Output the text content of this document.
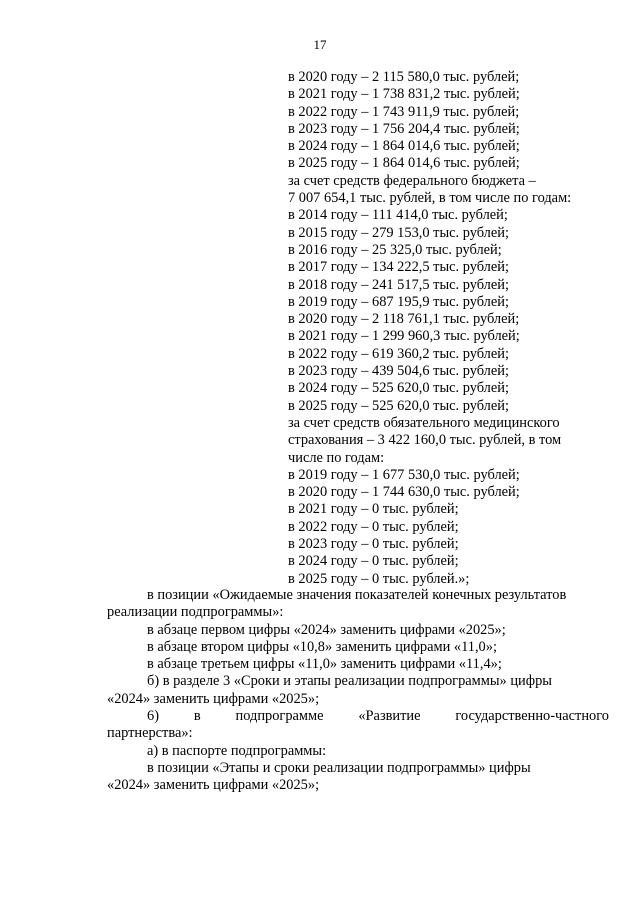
17
в 2020 году – 2 115 580,0 тыс. рублей;
в 2021 году – 1 738 831,2 тыс. рублей;
в 2022 году – 1 743 911,9 тыс. рублей;
в 2023 году – 1 756 204,4 тыс. рублей;
в 2024 году – 1 864 014,6 тыс. рублей;
в 2025 году – 1 864 014,6 тыс. рублей;
за счет средств федерального бюджета –
7 007 654,1 тыс. рублей, в том числе по годам:
в 2014 году – 111 414,0 тыс. рублей;
в 2015 году – 279 153,0 тыс. рублей;
в 2016 году – 25 325,0 тыс. рублей;
в 2017 году – 134 222,5 тыс. рублей;
в 2018 году – 241 517,5 тыс. рублей;
в 2019 году – 687 195,9 тыс. рублей;
в 2020 году – 2 118 761,1 тыс. рублей;
в 2021 году – 1 299 960,3 тыс. рублей;
в 2022 году – 619 360,2 тыс. рублей;
в 2023 году – 439 504,6 тыс. рублей;
в 2024 году – 525 620,0 тыс. рублей;
в 2025 году – 525 620,0 тыс. рублей;
за счет средств обязательного медицинского
страхования – 3 422 160,0 тыс. рублей, в том
числе по годам:
в 2019 году – 1 677 530,0 тыс. рублей;
в 2020 году – 1 744 630,0 тыс. рублей;
в 2021 году – 0 тыс. рублей;
в 2022 году – 0 тыс. рублей;
в 2023 году – 0 тыс. рублей;
в 2024 году – 0 тыс. рублей;
в 2025 году – 0 тыс. рублей.»;
в позиции «Ожидаемые значения показателей конечных результатов
реализации подпрограммы»:
в абзаце первом цифры «2024» заменить цифрами «2025»;
в абзаце втором цифры «10,8» заменить цифрами «11,0»;
в абзаце третьем цифры «11,0» заменить цифрами «11,4»;
б) в разделе 3 «Сроки и этапы реализации подпрограммы» цифры
«2024» заменить цифрами «2025»;
6) в подпрограмме «Развитие государственно-частного
партнерства»:
а) в паспорте подпрограммы:
в позиции «Этапы и сроки реализации подпрограммы» цифры
«2024» заменить цифрами «2025»;
